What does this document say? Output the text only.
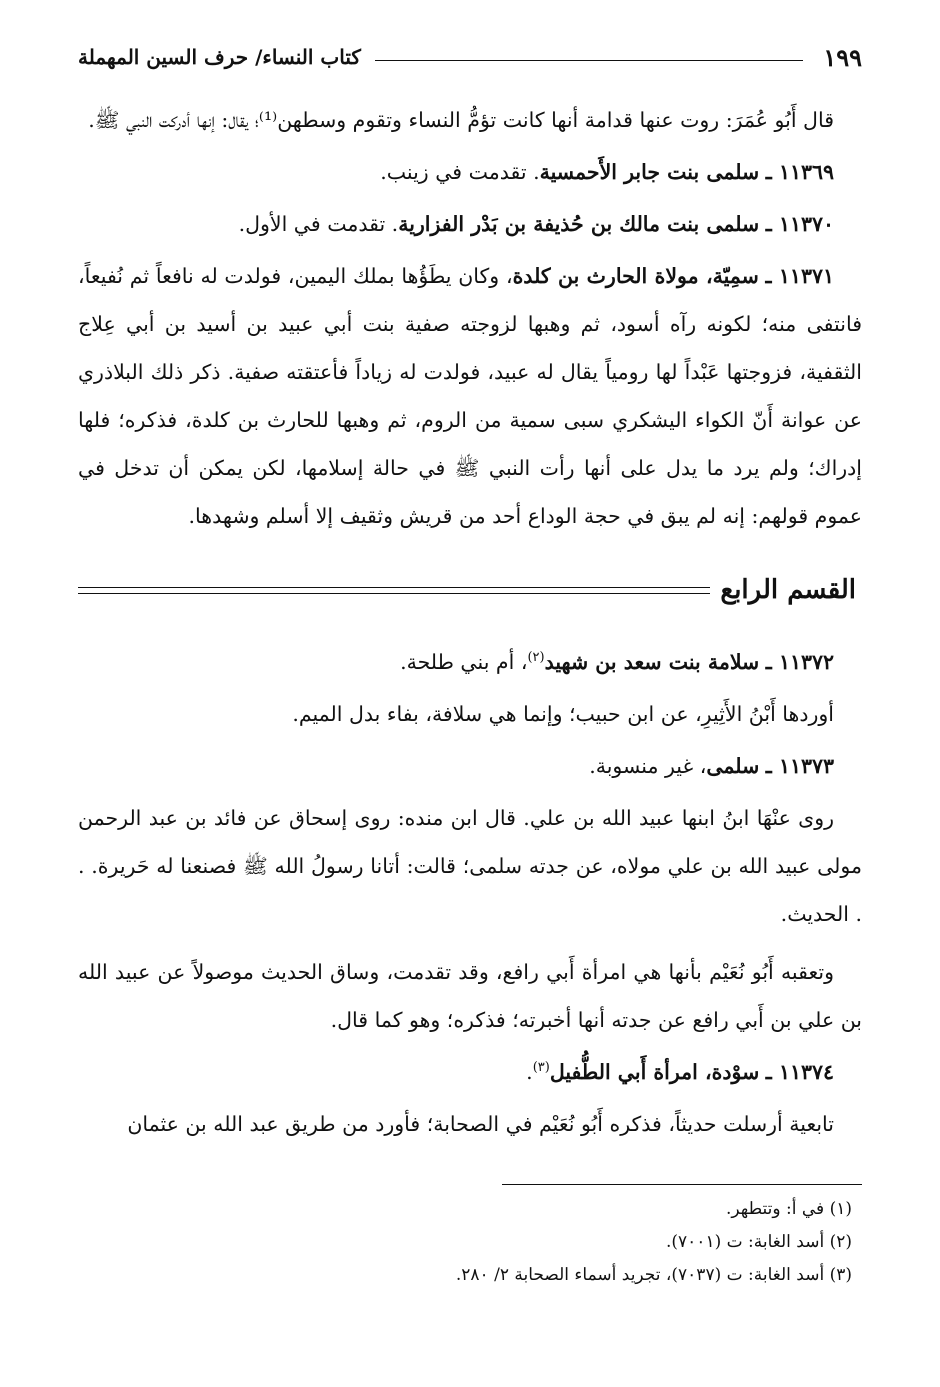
١٩٩
كتاب النساء/ حرف السين المهملة

قال أَبُو عُمَرَ: روت عنها قدامة أنها كانت تؤمُّ النساء وتقوم وسطهن⁽¹⁾؛ يقال: إنها أدركت النبي ﷺ.

١١٣٦٩ ـ سلمى بنت جابر الأَحمسية. تقدمت في زينب.

١١٣٧٠ ـ سلمى بنت مالك بن حُذيفة بن بَدْر الفزارية. تقدمت في الأول.

١١٣٧١ ـ سمِيّة، مولاة الحارث بن كلدة، وكان يطَؤُها بملك اليمين، فولدت له نافعاً ثم نُفيعاً، فانتفى منه؛ لكونه رآه أسود، ثم وهبها لزوجته صفية بنت أبي عبيد بن أسيد بن أبي عِلاج الثقفية، فزوجتها عَبْداً لها رومياً يقال له عبيد، فولدت له زياداً فأعتقته صفية. ذكر ذلك البلاذري عن عوانة أَنّ الكواء اليشكري سبى سمية من الروم، ثم وهبها للحارث بن كلدة، فذكره؛ فلها إدراك؛ ولم يرد ما يدل على أنها رأت النبي ﷺ في حالة إسلامها، لكن يمكن أن تدخل في عموم قولهم: إنه لم يبق في حجة الوداع أحد من قريش وثقيف إلا أسلم وشهدها.

القسم الرابع

١١٣٧٢ ـ سلامة بنت سعد بن شهيد$^{(٢)}$، أم بني طلحة.

أوردها أَبْنُ الأَثِيرِ، عن ابن حبيب؛ وإنما هي سلافة، بفاء بدل الميم.

١١٣٧٣ ـ سلمى، غير منسوبة.

روى عنْهَا ابنُ ابنها عبيد الله بن علي. قال ابن منده: روى إسحاق عن فائد بن عبد الرحمن مولى عبيد الله بن علي مولاه، عن جدته سلمى؛ قالت: أتانا رسولُ الله ﷺ فصنعنا له حَريرة. . . الحديث.

وتعقبه أَبُو نُعَيْم بأنها هي امرأة أَبي رافع، وقد تقدمت، وساق الحديث موصولاً عن عبيد الله بن علي بن أَبي رافع عن جدته أنها أخبرته؛ فذكره؛ وهو كما قال.

١١٣٧٤ ـ سوْدة، امرأة أَبي الطُّفيل$^{(٣)}$.

تابعية أرسلت حديثاً، فذكره أَبُو نُعَيْم في الصحابة؛ فأورد من طريق عبد الله بن عثمان

(١) في أ: وتتطهر.

(٢) أسد الغابة: ت (٧٠٠١).

(٣) أسد الغابة: ت (٧٠٣٧)، تجريد أسماء الصحابة ٢/ ٢٨٠.
